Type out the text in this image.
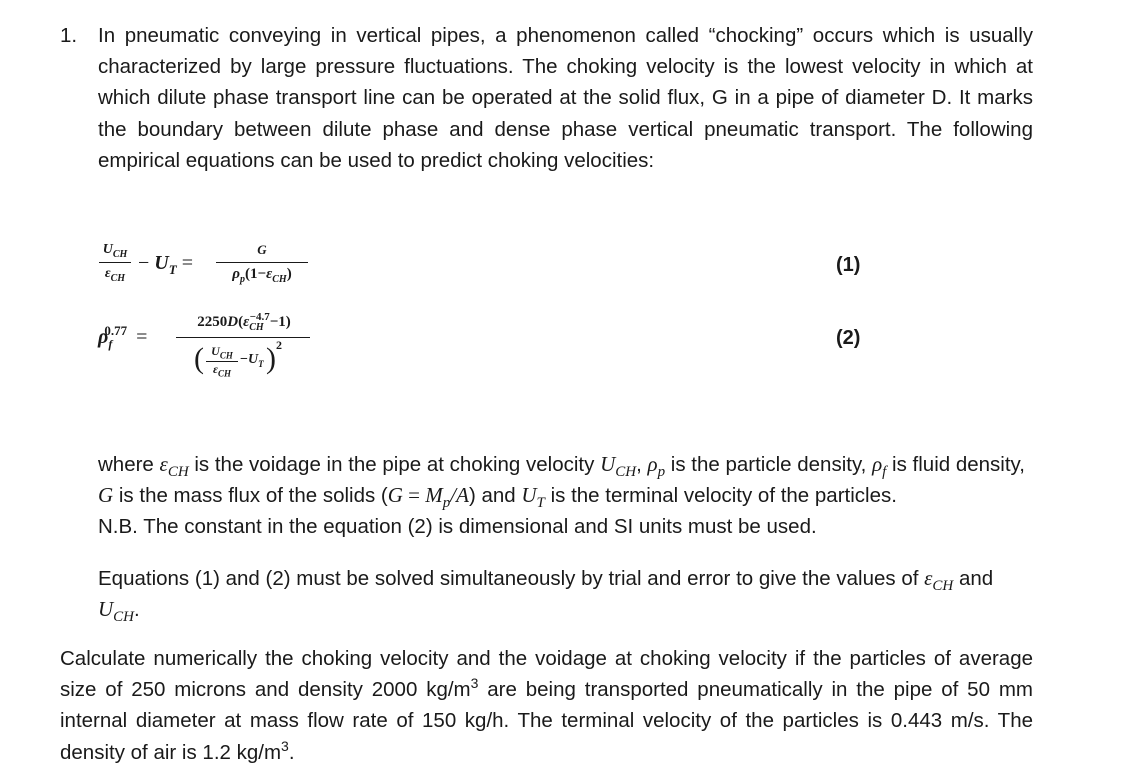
1. In pneumatic conveying in vertical pipes, a phenomenon called “chocking” occurs which is usually characterized by large pressure fluctuations. The choking velocity is the lowest velocity in which at which dilute phase transport line can be operated at the solid flux, G in a pipe of diameter D. It marks the boundary between dilute phase and dense phase vertical pneumatic transport. The following empirical equations can be used to predict choking velocities:
$U_{CH}$
$\varepsilon_{CH}$
− $U_T$ =
G
$\rho_p(1-\varepsilon_{CH})$	(1)
$\rho_f^{0.77}$ =
$2250D(\varepsilon_{CH}^{-4.7}-1)$
( $U_{CH}$
$\varepsilon_{CH}$
$-U_T$ ) 2	(2)
where $\varepsilon_{CH}$ is the voidage in the pipe at choking velocity $U_{CH}$, $\rho_p$ is the particle density, $\rho_f$ is fluid density, G is the mass flux of the solids $(G = M_p/A)$ and $U_T$ is the terminal velocity of the particles.
N.B. The constant in the equation (2) is dimensional and SI units must be used.
Equations (1) and (2) must be solved simultaneously by trial and error to give the values of $\varepsilon_{CH}$ and
$U_{CH}$.
Calculate numerically the choking velocity and the voidage at choking velocity if the particles of average size of 250 microns and density 2000 $kg/m^3$ are being transported pneumatically in the pipe of 50 mm internal diameter at mass flow rate of 150 kg/h. The terminal velocity of the particles is 0.443 m/s. The density of air is 1.2 $kg/m^3$.
